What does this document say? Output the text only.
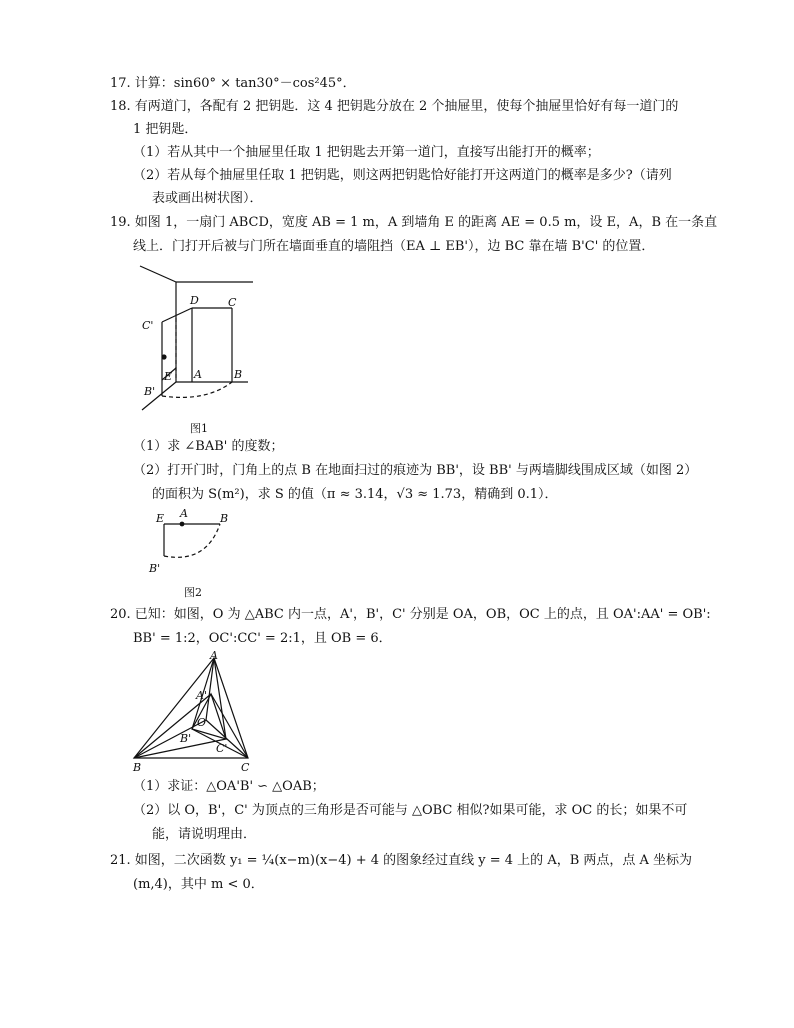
17. 计算：sin60° × tan30°－cos²45°．
18. 有两道门，各配有 2 把钥匙．这 4 把钥匙分放在 2 个抽屉里，使每个抽屉里恰好有每一道门的
1 把钥匙．
（1）若从其中一个抽屉里任取 1 把钥匙去开第一道门，直接写出能打开的概率；
（2）若从每个抽屉里任取 1 把钥匙，则这两把钥匙恰好能打开这两道门的概率是多少?（请列
表或画出树状图）．
19. 如图 1，一扇门 ABCD，宽度 AB = 1 m，A 到墙角 E 的距离 AE = 0.5 m，设 E，A，B 在一条直
线上．门打开后被与门所在墙面垂直的墙阻挡（EA ⊥ EB'），边 BC 靠在墙 B'C' 的位置．
D	C
C'
E A	B
B'
图1
（1）求 ∠BAB' 的度数；
（2）打开门时，门角上的点 B 在地面扫过的痕迹为 BB'，设 BB' 与两墙脚线围成区域（如图 2）
的面积为 S(m²)，求 S 的值（π ≈ 3.14，√3 ≈ 1.73，精确到 0.1）．
E A	B
B'
图2
20. 已知：如图，O 为 △ABC 内一点，A'，B'，C' 分别是 OA，OB，OC 上的点，且 OA':AA' = OB':
BB' = 1:2，OC':CC' = 2:1，且 OB = 6．
A
A'
O
B'
C'
B	C
（1）求证：△OA'B' ∽ △OAB；
（2）以 O，B'，C' 为顶点的三角形是否可能与 △OBC 相似?如果可能，求 OC 的长；如果不可
能，请说明理由．
21. 如图，二次函数 y₁ = ¼(x−m)(x−4) + 4 的图象经过直线 y = 4 上的 A，B 两点，点 A 坐标为
(m,4)，其中 m < 0．
